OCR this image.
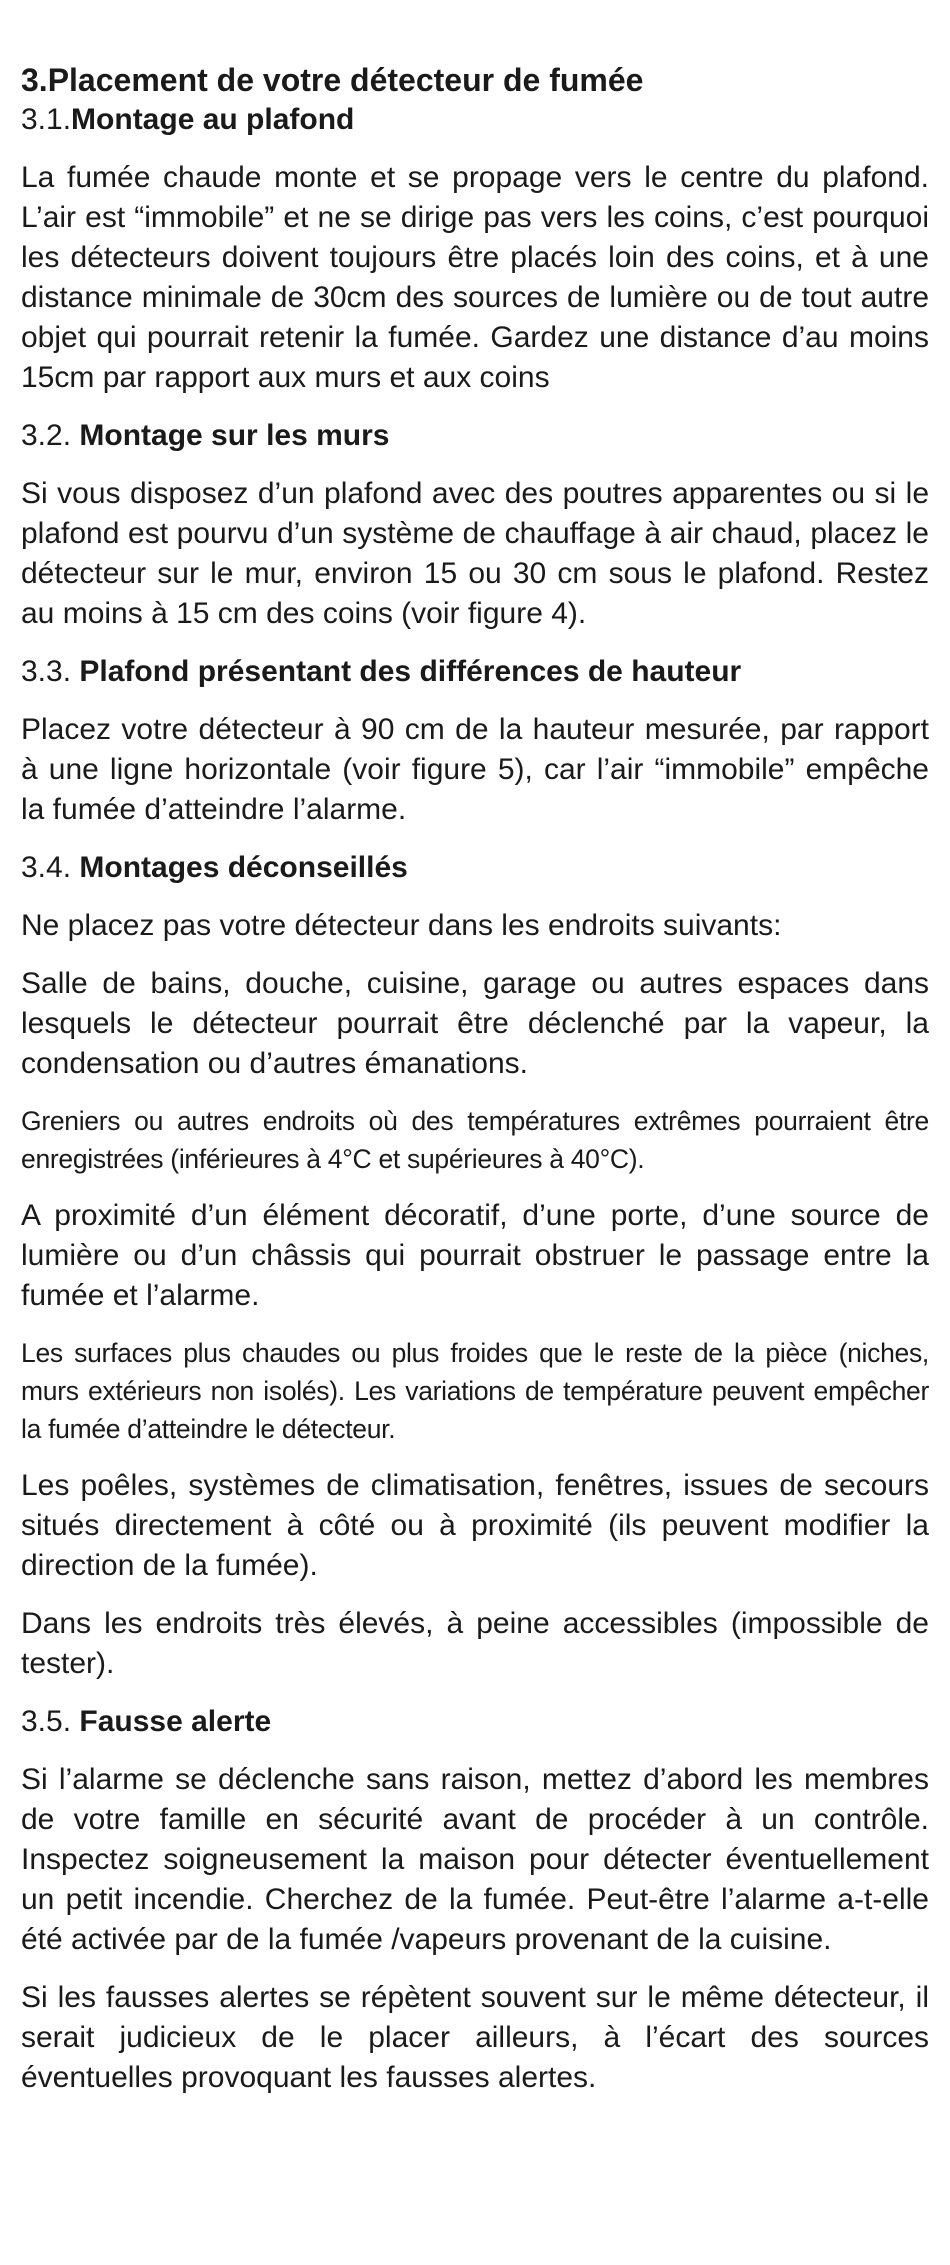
3.Placement de votre détecteur de fumée
3.1.Montage au plafond

La fumée chaude monte et se propage vers le centre du plafond. L’air est “immobile” et ne se dirige pas vers les coins, c’est pourquoi les détecteurs doivent toujours être placés loin des coins, et à une distance minimale de 30cm des sources de lumière ou de tout autre objet qui pourrait retenir la fumée. Gardez une distance d’au moins 15cm par rapport aux murs et aux coins

3.2. Montage sur les murs

Si vous disposez d’un plafond avec des poutres apparentes ou si le plafond est pourvu d’un système de chauffage à air chaud, placez le détecteur sur le mur, environ 15 ou 30 cm sous le plafond. Restez au moins à 15 cm des coins (voir figure 4).

3.3. Plafond présentant des différences de hauteur

Placez votre détecteur à 90 cm de la hauteur mesurée, par rapport à une ligne horizontale (voir figure 5), car l’air “immobile” empêche la fumée d’atteindre l’alarme.

3.4. Montages déconseillés

Ne placez pas votre détecteur dans les endroits suivants:

Salle de bains, douche, cuisine, garage ou autres espaces dans lesquels le détecteur pourrait être déclenché par la vapeur, la condensation ou d’autres émanations.

Greniers ou autres endroits où des températures extrêmes pourraient être enregistrées (inférieures à 4°C et supérieures à 40°C).

A proximité d’un élément décoratif, d’une porte, d’une source de lumière ou d’un châssis qui pourrait obstruer le passage entre la fumée et l’alarme.

Les surfaces plus chaudes ou plus froides que le reste de la pièce (niches, murs extérieurs non isolés). Les variations de température peuvent empêcher la fumée d’atteindre le détecteur.

Les poêles, systèmes de climatisation, fenêtres, issues de secours situés directement à côté ou à proximité (ils peuvent modifier la direction de la fumée).

Dans les endroits très élevés, à peine accessibles (impossible de tester).

3.5. Fausse alerte

Si l’alarme se déclenche sans raison, mettez d’abord les membres de votre famille en sécurité avant de procéder à un contrôle. Inspectez soigneusement la maison pour détecter éventuellement un petit incendie. Cherchez de la fumée. Peut-être l’alarme a-t-elle été activée par de la fumée /vapeurs provenant de la cuisine.

Si les fausses alertes se répètent souvent sur le même détecteur, il serait judicieux de le placer ailleurs, à l’écart des sources éventuelles provoquant les fausses alertes.
